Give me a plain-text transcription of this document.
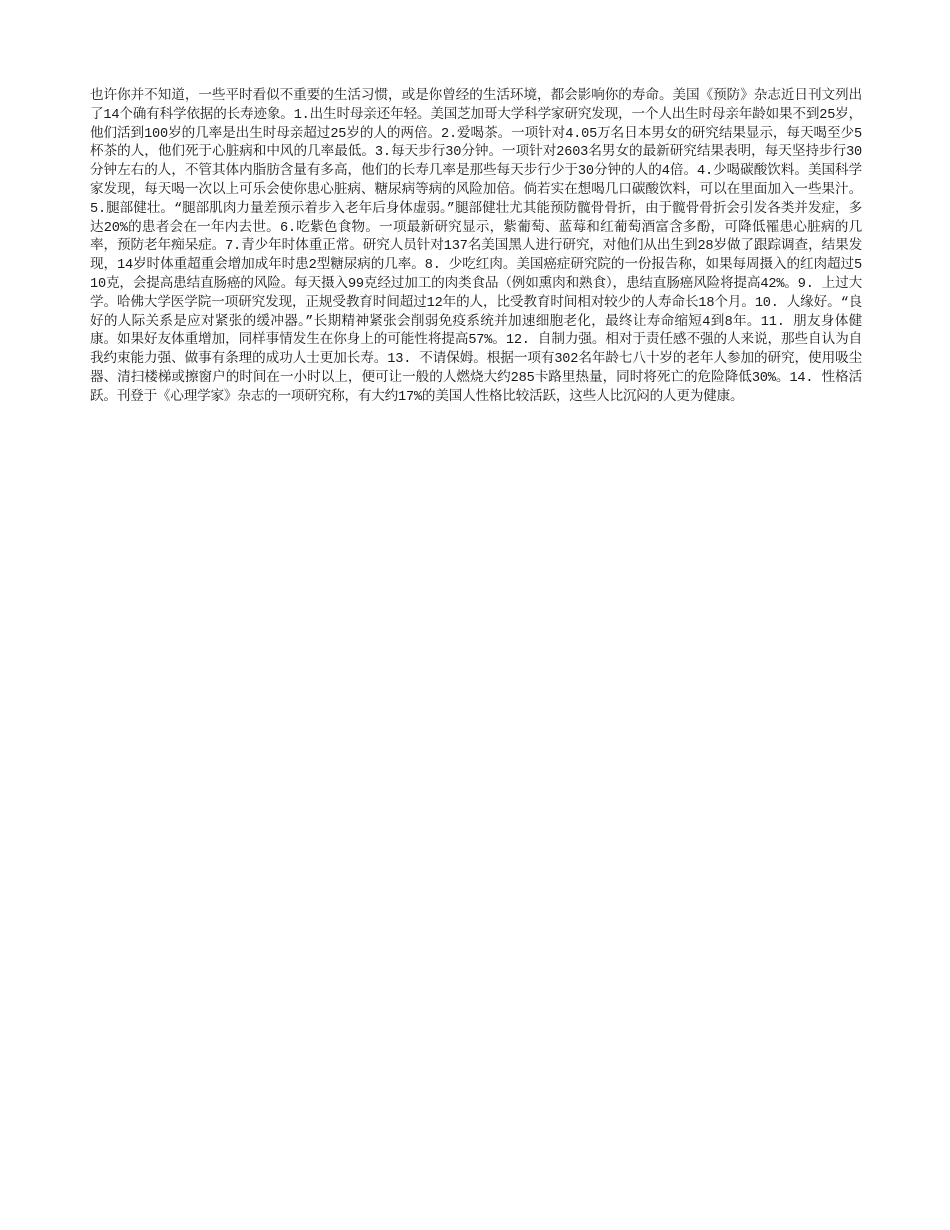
也许你并不知道，一些平时看似不重要的生活习惯，或是你曾经的生活环境，都会影响你的寿命。美国《预防》杂志近日刊文列出了14个确有科学依据的长寿迹象。1.出生时母亲还年轻。美国芝加哥大学科学家研究发现，一个人出生时母亲年龄如果不到25岁，他们活到100岁的几率是出生时母亲超过25岁的人的两倍。2.爱喝茶。一项针对4.05万名日本男女的研究结果显示，每天喝至少5杯茶的人，他们死于心脏病和中风的几率最低。3.每天步行30分钟。一项针对2603名男女的最新研究结果表明，每天坚持步行30分钟左右的人，不管其体内脂肪含量有多高，他们的长寿几率是那些每天步行少于30分钟的人的4倍。4.少喝碳酸饮料。美国科学家发现，每天喝一次以上可乐会使你患心脏病、糖尿病等病的风险加倍。倘若实在想喝几口碳酸饮料，可以在里面加入一些果汁。5.腿部健壮。“腿部肌肉力量差预示着步入老年后身体虚弱。”腿部健壮尤其能预防髋骨骨折，由于髋骨骨折会引发各类并发症，多达20%的患者会在一年内去世。6.吃紫色食物。一项最新研究显示，紫葡萄、蓝莓和红葡萄酒富含多酚，可降低罹患心脏病的几率，预防老年痴呆症。7.青少年时体重正常。研究人员针对137名美国黑人进行研究，对他们从出生到28岁做了跟踪调查，结果发现，14岁时体重超重会增加成年时患2型糖尿病的几率。8. 少吃红肉。美国癌症研究院的一份报告称，如果每周摄入的红肉超过510克，会提高患结直肠癌的风险。每天摄入99克经过加工的肉类食品（例如熏肉和熟食），患结直肠癌风险将提高42%。9. 上过大学。哈佛大学医学院一项研究发现，正规受教育时间超过12年的人，比受教育时间相对较少的人寿命长18个月。10. 人缘好。“良好的人际关系是应对紧张的缓冲器。”长期精神紧张会削弱免疫系统并加速细胞老化，最终让寿命缩短4到8年。11. 朋友身体健康。如果好友体重增加，同样事情发生在你身上的可能性将提高57%。12. 自制力强。相对于责任感不强的人来说，那些自认为自我约束能力强、做事有条理的成功人士更加长寿。13. 不请保姆。根据一项有302名年龄七八十岁的老年人参加的研究，使用吸尘器、清扫楼梯或擦窗户的时间在一小时以上，便可让一般的人燃烧大约285卡路里热量，同时将死亡的危险降低30%。14. 性格活跃。刊登于《心理学家》杂志的一项研究称，有大约17%的美国人性格比较活跃，这些人比沉闷的人更为健康。
